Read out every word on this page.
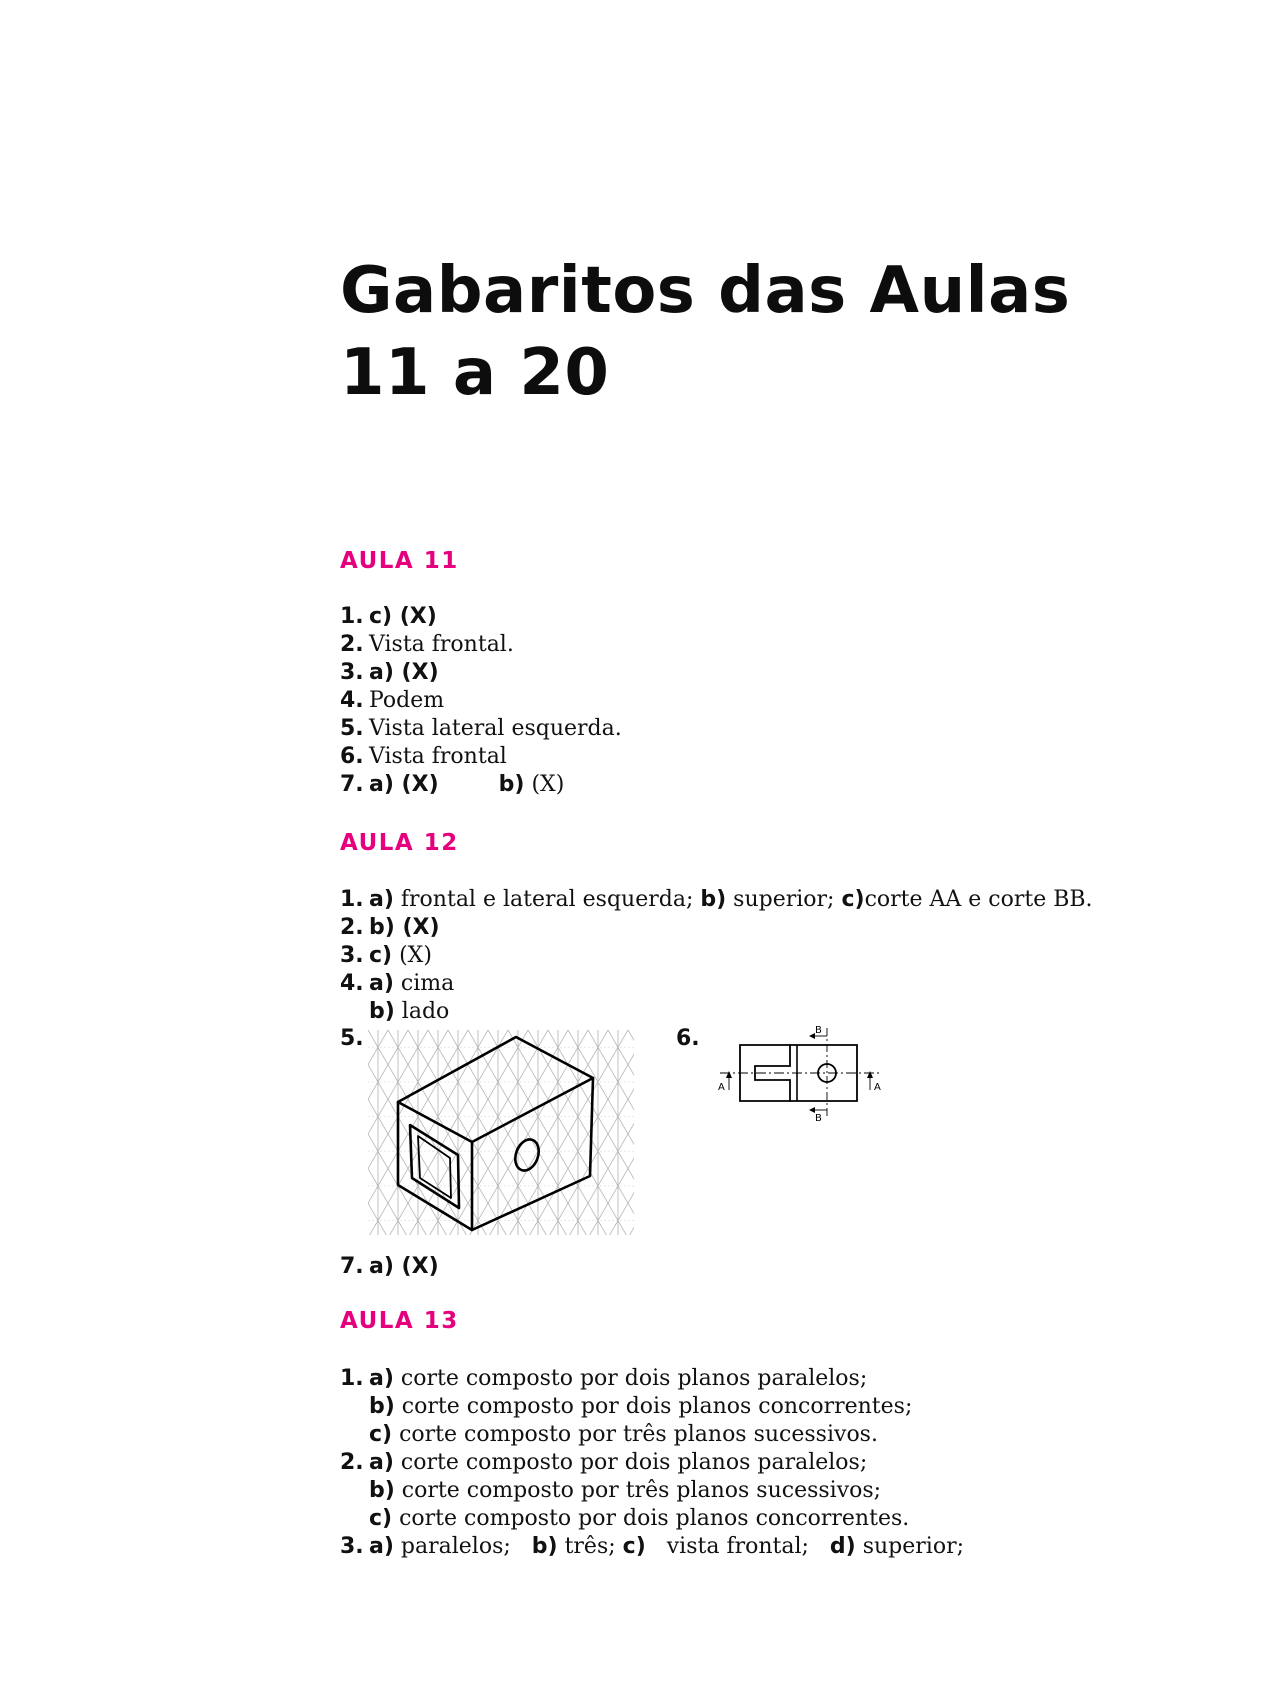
Gabaritos das Aulas
11 a 20
AULA 11
1. c) (X)
2. Vista frontal.
3. a) (X)
4. Podem
5. Vista lateral esquerda.
6. Vista frontal
7. a) (X)	b) (X)
AULA 12
1. a) frontal e lateral esquerda; b) superior; c)corte AA e corte BB.
2. b) (X)
3. c) (X)
4. a) cima
b) lado
5.	6.	B
B
A	A
7. a) (X)
AULA 13
1. a) corte composto por dois planos paralelos;
b) corte composto por dois planos concorrentes;
c) corte composto por três planos sucessivos.
2. a) corte composto por dois planos paralelos;
b) corte composto por três planos sucessivos;
c) corte composto por dois planos concorrentes.
3. a) paralelos; b) três; c) vista frontal; d) superior;
